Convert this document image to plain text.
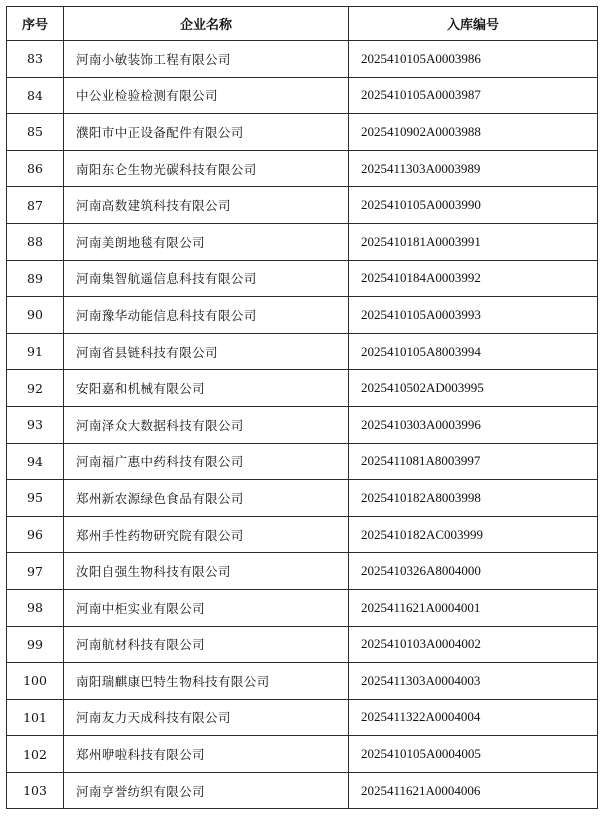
序号	企业名称	入库编号
83	河南小敏装饰工程有限公司	2025410105A0003986
84	中公业检验检测有限公司	2025410105A0003987
85	濮阳市中正设备配件有限公司	2025410902A0003988
86	南阳东仑生物光碳科技有限公司	2025411303A0003989
87	河南高数建筑科技有限公司	2025410105A0003990
88	河南美朗地毯有限公司	2025410181A0003991
89	河南集智航遥信息科技有限公司	2025410184A0003992
90	河南豫华动能信息科技有限公司	2025410105A0003993
91	河南省县链科技有限公司	2025410105A8003994
92	安阳嘉和机械有限公司	2025410502AD003995
93	河南泽众大数据科技有限公司	2025410303A0003996
94	河南福广惠中药科技有限公司	2025411081A8003997
95	郑州新农源绿色食品有限公司	2025410182A8003998
96	郑州手性药物研究院有限公司	2025410182AC003999
97	汝阳自强生物科技有限公司	2025410326A8004000
98	河南中柜实业有限公司	2025411621A0004001
99	河南航材科技有限公司	2025410103A0004002
100	南阳瑞麒康巴特生物科技有限公司	2025411303A0004003
101	河南友力天成科技有限公司	2025411322A0004004
102	郑州咿啦科技有限公司	2025410105A0004005
103	河南亨誉纺织有限公司	2025411621A0004006
